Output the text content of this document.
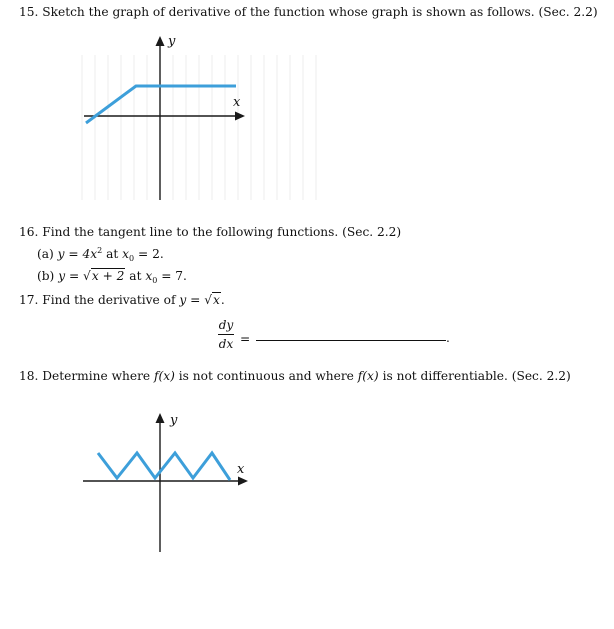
15. Sketch the graph of derivative of the function whose graph is shown as follows. (Sec. 2.2)
y
x
16. Find the tangent line to the following functions. (Sec. 2.2)
(a) $y = 4x^2$ at $x_0 = 2$.
(b) y = √x + 2 at $x_0 = 7$.
17. Find the derivative of y = √x.
dy
dx =	.
18. Determine where f(x) is not continuous and where f(x) is not differentiable. (Sec. 2.2)
y
x
